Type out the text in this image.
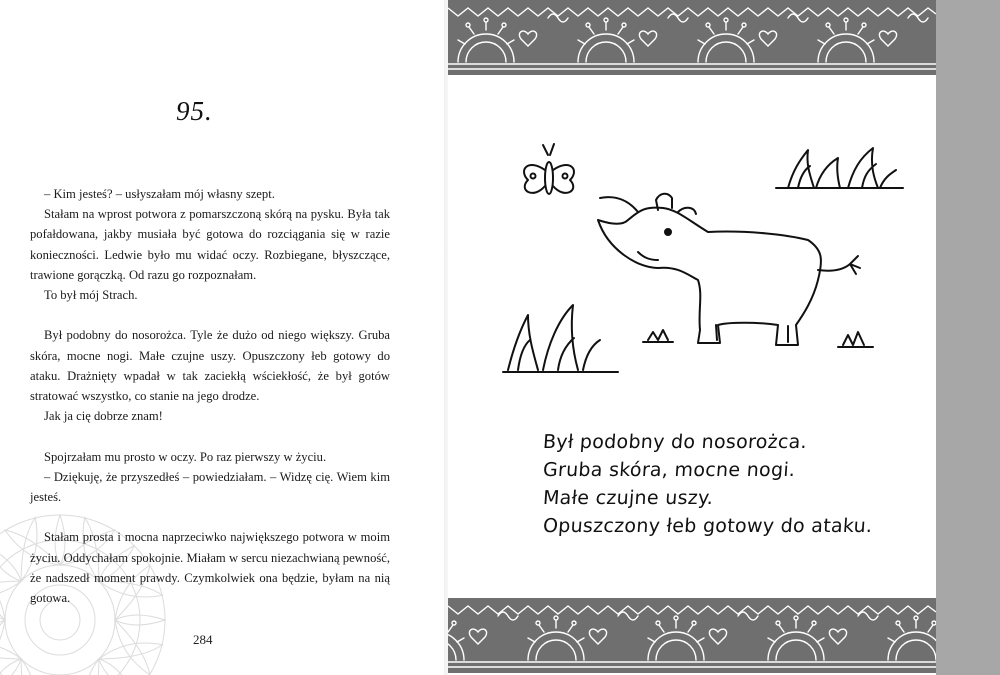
95.

– Kim jesteś? – usłyszałam mój własny szept.

Stałam na wprost potwora z pomarszczoną skórą na pysku. Była tak pofałdowana, jakby musiała być gotowa do rozciągania się w razie konieczności. Ledwie było mu widać oczy. Rozbiegane, błyszczące, trawione gorączką. Od razu go rozpoznałam.

To był mój Strach.

Był podobny do nosorożca. Tyle że dużo od niego większy. Gruba skóra, mocne nogi. Małe czujne uszy. Opuszczony łeb gotowy do ataku. Drażnięty wpadał w tak zaciekłą wściekłość, że był gotów stratować wszystko, co stanie na jego drodze.

Jak ja cię dobrze znam!

Spojrzałam mu prosto w oczy. Po raz pierwszy w życiu.

– Dziękuję, że przyszedłeś – powiedziałam. – Widzę cię. Wiem kim jesteś.

Stałam prosta i mocna naprzeciwko największego potwora w moim życiu. Oddychałam spokojnie. Miałam w sercu niezachwianą pewność, że nadszedł moment prawdy. Czymkolwiek ona będzie, byłam na nią gotowa.

284
Był podobny do nosorożca.
Gruba skóra, mocne nogi.
Małe czujne uszy.
Opuszczony łeb gotowy do ataku.
